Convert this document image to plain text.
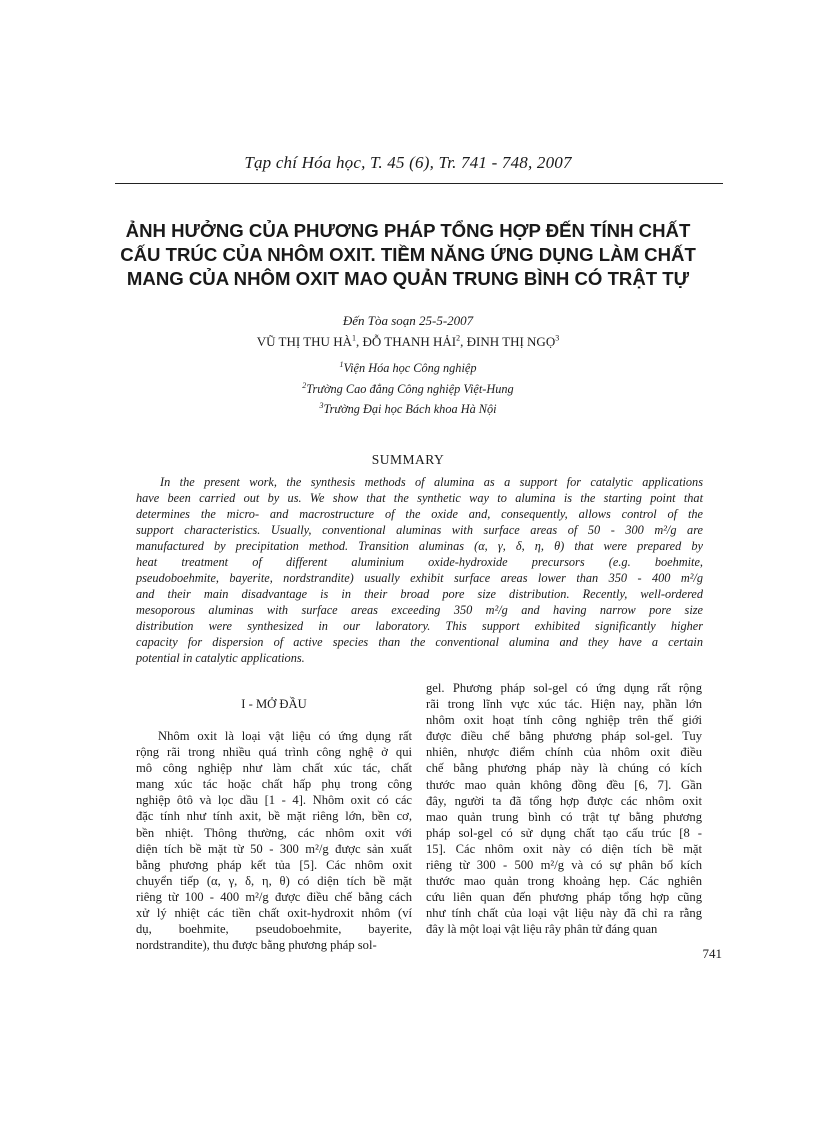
Tạp chí Hóa học, T. 45 (6), Tr. 741 - 748, 2007
ẢNH HƯỞNG CỦA PHƯƠNG PHÁP TỔNG HỢP ĐẾN TÍNH CHẤT
CẤU TRÚC CỦA NHÔM OXIT. TIỀM NĂNG ỨNG DỤNG LÀM CHẤT
MANG CỦA NHÔM OXIT MAO QUẢN TRUNG BÌNH CÓ TRẬT TỰ
Đến Tòa soạn 25-5-2007
VŨ THỊ THU $HÀ^1$, ĐỖ THANH HẢI$^2$, ĐINH THỊ NGỌ$^3$
$^1$Viện Hóa học Công nghiệp
$^2$Trường Cao đẳng Công nghiệp Việt-Hung
$^3$Trường Đại học Bách khoa Hà Nội
SUMMARY
In the present work, the synthesis methods of alumina as a support for catalytic applications
have been carried out by us. We show that the synthetic way to alumina is the starting point that
determines the micro- and macrostructure of the oxide and, consequently, allows control of the
support characteristics. Usually, conventional aluminas with surface areas of 50 - 300 m²/g are
manufactured by precipitation method. Transition aluminas (α, γ, δ, η, θ) that were prepared by
heat treatment of different aluminium oxide-hydroxide precursors (e.g. boehmite,
pseudoboehmite, bayerite, nordstrandite) usually exhibit surface areas lower than 350 - 400 m²/g
and their main disadvantage is in their broad pore size distribution. Recently, well-ordered
mesoporous aluminas with surface areas exceeding 350 m²/g and having narrow pore size
distribution were synthesized in our laboratory. This support exhibited significantly higher
capacity for dispersion of active species than the conventional alumina and they have a certain
potential in catalytic applications.
I - MỞ ĐẦU
Nhôm oxit là loại vật liệu có ứng dụng rất
rộng rãi trong nhiều quá trình công nghệ ở qui
mô công nghiệp như làm chất xúc tác, chất
mang xúc tác hoặc chất hấp phụ trong công
nghiệp ôtô và lọc dầu [1 - 4]. Nhôm oxit có các
đặc tính như tính axit, bề mặt riêng lớn, bền cơ,
bền nhiệt. Thông thường, các nhôm oxit với
diện tích bề mặt từ 50 - 300 m²/g được sản xuất
bằng phương pháp kết tủa [5]. Các nhôm oxit
chuyển tiếp (α, γ, δ, η, θ) có diện tích bề mặt
riêng từ 100 - 400 m²/g được điều chế bằng cách
xử lý nhiệt các tiền chất oxit-hydroxit nhôm (ví
dụ, boehmite, pseudoboehmite, bayerite,
nordstrandite), thu được bằng phương pháp sol-
gel. Phương pháp sol-gel có ứng dụng rất rộng
rãi trong lĩnh vực xúc tác. Hiện nay, phần lớn
nhôm oxit hoạt tính công nghiệp trên thế giới
được điều chế bằng phương pháp sol-gel. Tuy
nhiên, nhược điểm chính của nhôm oxit điều
chế bằng phương pháp này là chúng có kích
thước mao quản không đồng đều [6, 7]. Gần
đây, người ta đã tổng hợp được các nhôm oxit
mao quản trung bình có trật tự bằng phương
pháp sol-gel có sử dụng chất tạo cấu trúc [8 -
15]. Các nhôm oxit này có diện tích bề mặt
riêng từ 300 - 500 m²/g và có sự phân bố kích
thước mao quản trong khoảng hẹp. Các nghiên
cứu liên quan đến phương pháp tổng hợp cũng
như tính chất của loại vật liệu này đã chỉ ra rằng
đây là một loại vật liệu rây phân tử đáng quan
741
